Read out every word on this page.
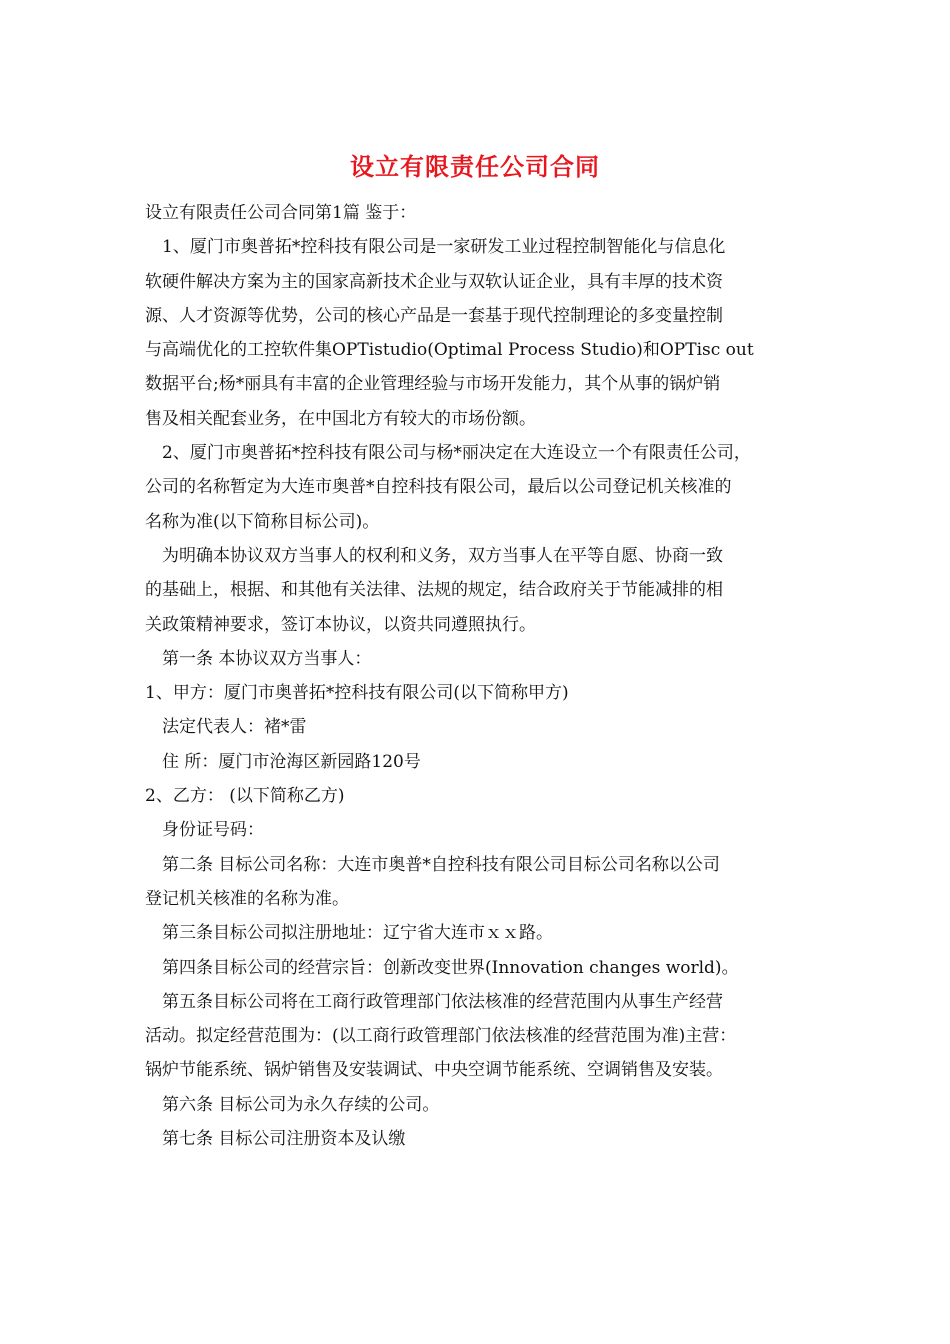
设立有限责任公司合同
设立有限责任公司合同第1篇 鉴于：
1、厦门市奥普拓*控科技有限公司是一家研发工业过程控制智能化与信息化
软硬件解决方案为主的国家高新技术企业与双软认证企业，具有丰厚的技术资
源、人才资源等优势，公司的核心产品是一套基于现代控制理论的多变量控制
与高端优化的工控软件集OPTistudio(Optimal Process Studio)和OPTisc out
数据平台;杨*丽具有丰富的企业管理经验与市场开发能力，其个从事的锅炉销
售及相关配套业务，在中国北方有较大的市场份额。
2、厦门市奥普拓*控科技有限公司与杨*丽决定在大连设立一个有限责任公司，
公司的名称暂定为大连市奥普*自控科技有限公司，最后以公司登记机关核准的
名称为准(以下简称目标公司)。
为明确本协议双方当事人的权利和义务，双方当事人在平等自愿、协商一致
的基础上，根据、和其他有关法律、法规的规定，结合政府关于节能减排的相
关政策精神要求，签订本协议，以资共同遵照执行。
第一条 本协议双方当事人：
1、甲方：厦门市奥普拓*控科技有限公司(以下简称甲方)
法定代表人：褚*雷
住 所：厦门市沧海区新园路120号
2、乙方： (以下简称乙方)
身份证号码：
第二条 目标公司名称：大连市奥普*自控科技有限公司目标公司名称以公司
登记机关核准的名称为准。
第三条目标公司拟注册地址：辽宁省大连市ｘｘ路。
第四条目标公司的经营宗旨：创新改变世界(Innovation changes world)。
第五条目标公司将在工商行政管理部门依法核准的经营范围内从事生产经营
活动。拟定经营范围为：(以工商行政管理部门依法核准的经营范围为准)主营：
锅炉节能系统、锅炉销售及安装调试、中央空调节能系统、空调销售及安装。
第六条 目标公司为永久存续的公司。
第七条 目标公司注册资本及认缴
